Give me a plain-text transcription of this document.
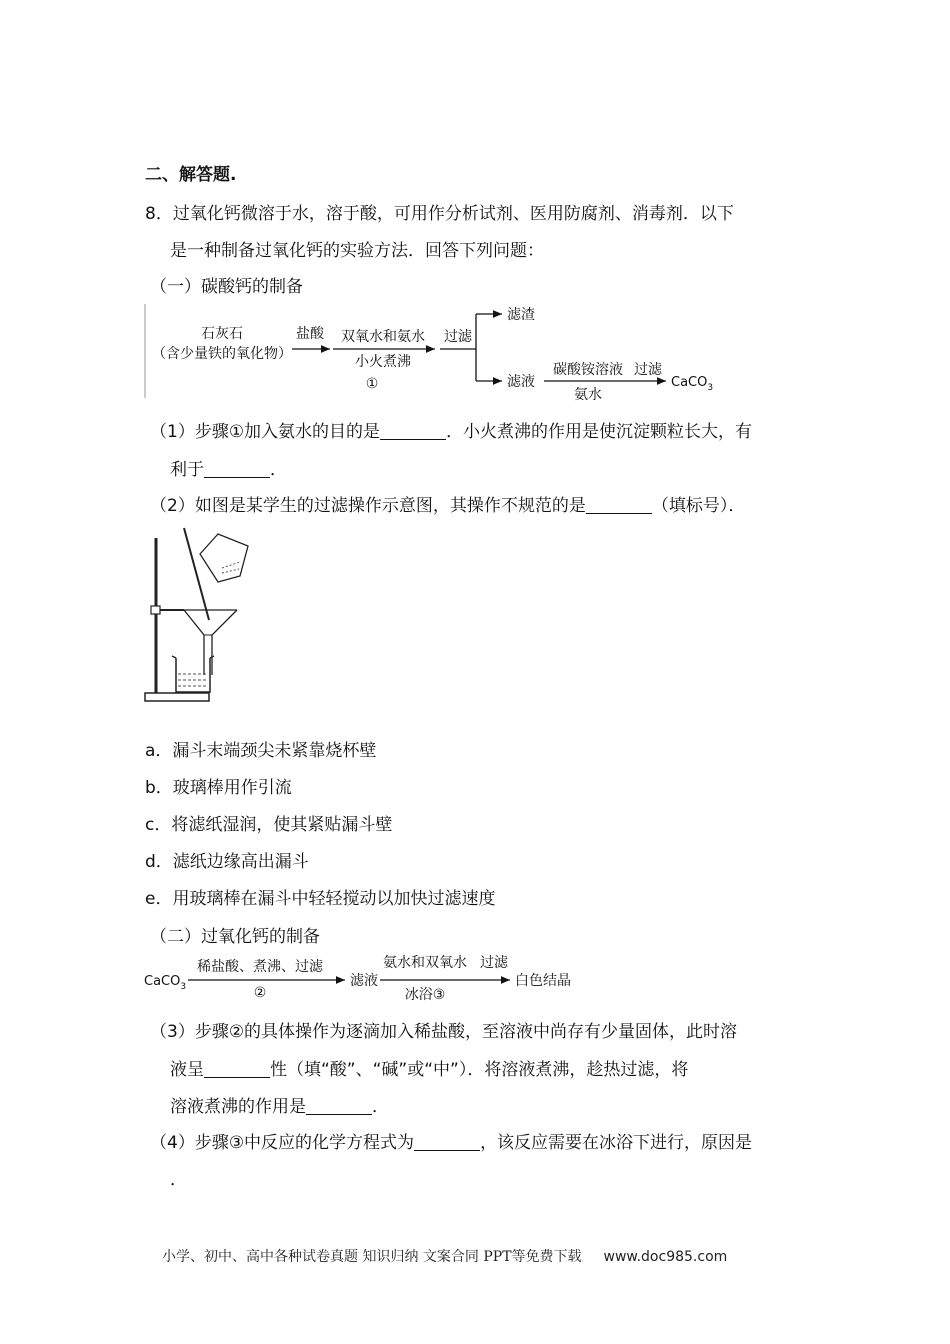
二、解答题.
8．过氧化钙微溶于水，溶于酸，可用作分析试剂、医用防腐剂、消毒剂．以下
是一种制备过氧化钙的实验方法．回答下列问题：
（一）碳酸钙的制备
石灰石
（含少量铁的氧化物）
盐酸 双氧水和氨水
小火煮沸
①
过滤
滤渣
滤液
碳酸铵溶液
氨水
过滤
CaCO$_3$
（1）步骤①加入氨水的目的是	．小火煮沸的作用是使沉淀颗粒长大，有
利于	．
（2）如图是某学生的过滤操作示意图，其操作不规范的是	（填标号）．
a．漏斗末端颈尖未紧靠烧杯壁
b．玻璃棒用作引流
c．将滤纸湿润，使其紧贴漏斗壁
d．滤纸边缘高出漏斗
e．用玻璃棒在漏斗中轻轻搅动以加快过滤速度
（二）过氧化钙的制备
CaCO$_3$
稀盐酸、煮沸、过滤
②
滤液
氨水和双氧水
冰浴③
过滤
白色结晶
（3）步骤②的具体操作为逐滴加入稀盐酸，至溶液中尚存有少量固体，此时溶
液呈	性（填“酸”、“碱”或“中”）．将溶液煮沸，趁热过滤，将
溶液煮沸的作用是	．
（4）步骤③中反应的化学方程式为	，该反应需要在冰浴下进行，原因是
．
小学、初中、高中各种试卷真题 知识归纳 文案合同 PPT等免费下载 www.doc985.com
